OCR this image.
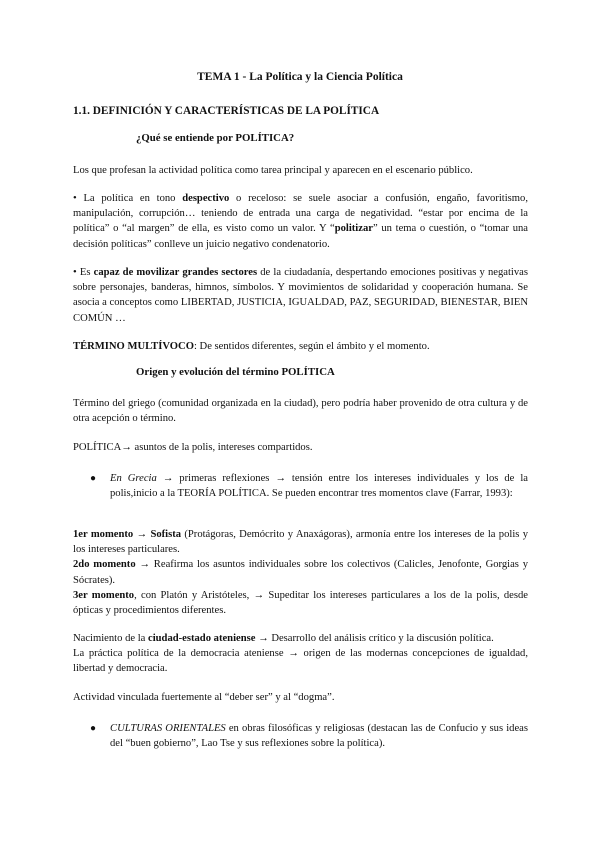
TEMA 1 - La Política y la Ciencia Política
1.1. DEFINICIÓN Y CARACTERÍSTICAS DE LA POLÍTICA
¿Qué se entiende por POLÍTICA?
Los que profesan la actividad política como tarea principal y aparecen en el escenario público.
• La política en tono despectivo o receloso: se suele asociar a confusión, engaño, favoritismo, manipulación, corrupción… teniendo de entrada una carga de negatividad. “estar por encima de la política” o “al margen” de ella, es visto como un valor. Y “politizar” un tema o cuestión, o “tomar una decisión políticas” conlleve un juicio negativo condenatorio.
• Es capaz de movilizar grandes sectores de la ciudadanía, despertando emociones positivas y negativas sobre personajes, banderas, himnos, símbolos. Y movimientos de solidaridad y cooperación humana. Se asocia a conceptos como LIBERTAD, JUSTICIA, IGUALDAD, PAZ, SEGURIDAD, BIENESTAR, BIEN COMÚN …
TÉRMINO MULTÍVOCO: De sentidos diferentes, según el ámbito y el momento.
Origen y evolución del término POLÍTICA
Término del griego (comunidad organizada en la ciudad), pero podría haber provenido de otra cultura y de otra acepción o término.
POLÍTICA→ asuntos de la polis, intereses compartidos.
● En Grecia → primeras reflexiones → tensión entre los intereses individuales y los de la polis,inicio a la TEORÍA POLÍTICA. Se pueden encontrar tres momentos clave (Farrar, 1993):
1er momento → Sofista (Protágoras, Demócrito y Anaxágoras), armonía entre los intereses de la polis y los intereses particulares.
2do momento → Reafirma los asuntos individuales sobre los colectivos (Calicles, Jenofonte, Gorgias y Sócrates).
3er momento, con Platón y Aristóteles, → Supeditar los intereses particulares a los de la polis, desde ópticas y procedimientos diferentes.
Nacimiento de la ciudad-estado ateniense → Desarrollo del análisis crítico y la discusión política.
La práctica política de la democracia ateniense → origen de las modernas concepciones de igualdad, libertad y democracia.
Actividad vinculada fuertemente al “deber ser” y al “dogma”.
● CULTURAS ORIENTALES en obras filosóficas y religiosas (destacan las de Confucio y sus ideas del “buen gobierno”, Lao Tse y sus reflexiones sobre la política).
